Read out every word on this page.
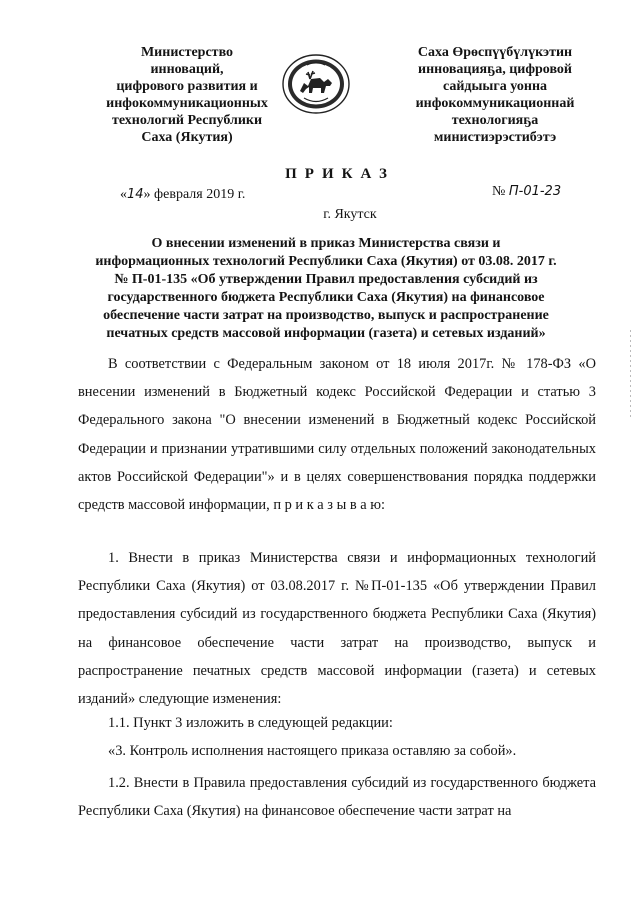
Министерство
инноваций,
цифрового развития и
инфокоммуникационных
технологий Республики
Саха (Якутия)
Саха Өрөспүүбүлүкэтин
инновацияҕа, цифровой
сайдыыга уонна
инфокоммуникационнай
технологияҕа
министиэрэстибэтэ
ПРИКАЗ
«14» февраля 2019 г.	№ П-01-23
г. Якутск
О внесении изменений в приказ Министерства связи и
информационных технологий Республики Саха (Якутия) от 03.08. 2017 г.
№ П-01-135 «Об утверждении Правил предоставления субсидий из
государственного бюджета Республики Саха (Якутия) на финансовое
обеспечение части затрат на производство, выпуск и распространение
печатных средств массовой информации (газета) и сетевых изданий»

В соответствии с Федеральным законом от 18 июля 2017г. № 178-ФЗ «О внесении изменений в Бюджетный кодекс Российской Федерации и статью 3 Федерального закона "О внесении изменений в Бюджетный кодекс Российской Федерации и признании утратившими силу отдельных положений законодательных актов Российской Федерации"» и в целях совершенствования порядка поддержки средств массовой информации, п р и к а з ы в а ю:

1. Внести в приказ Министерства связи и информационных технологий Республики Саха (Якутия) от 03.08.2017 г. №П-01-135 «Об утверждении Правил предоставления субсидий из государственного бюджета Республики Саха (Якутия) на финансовое обеспечение части затрат на производство, выпуск и распространение печатных средств массовой информации (газета) и сетевых изданий» следующие изменения:

1.1. Пункт 3 изложить в следующей редакции:

«3. Контроль исполнения настоящего приказа оставляю за собой».

1.2. Внести в Правила предоставления субсидий из государственного бюджета Республики Саха (Якутия) на финансовое обеспечение части затрат на
